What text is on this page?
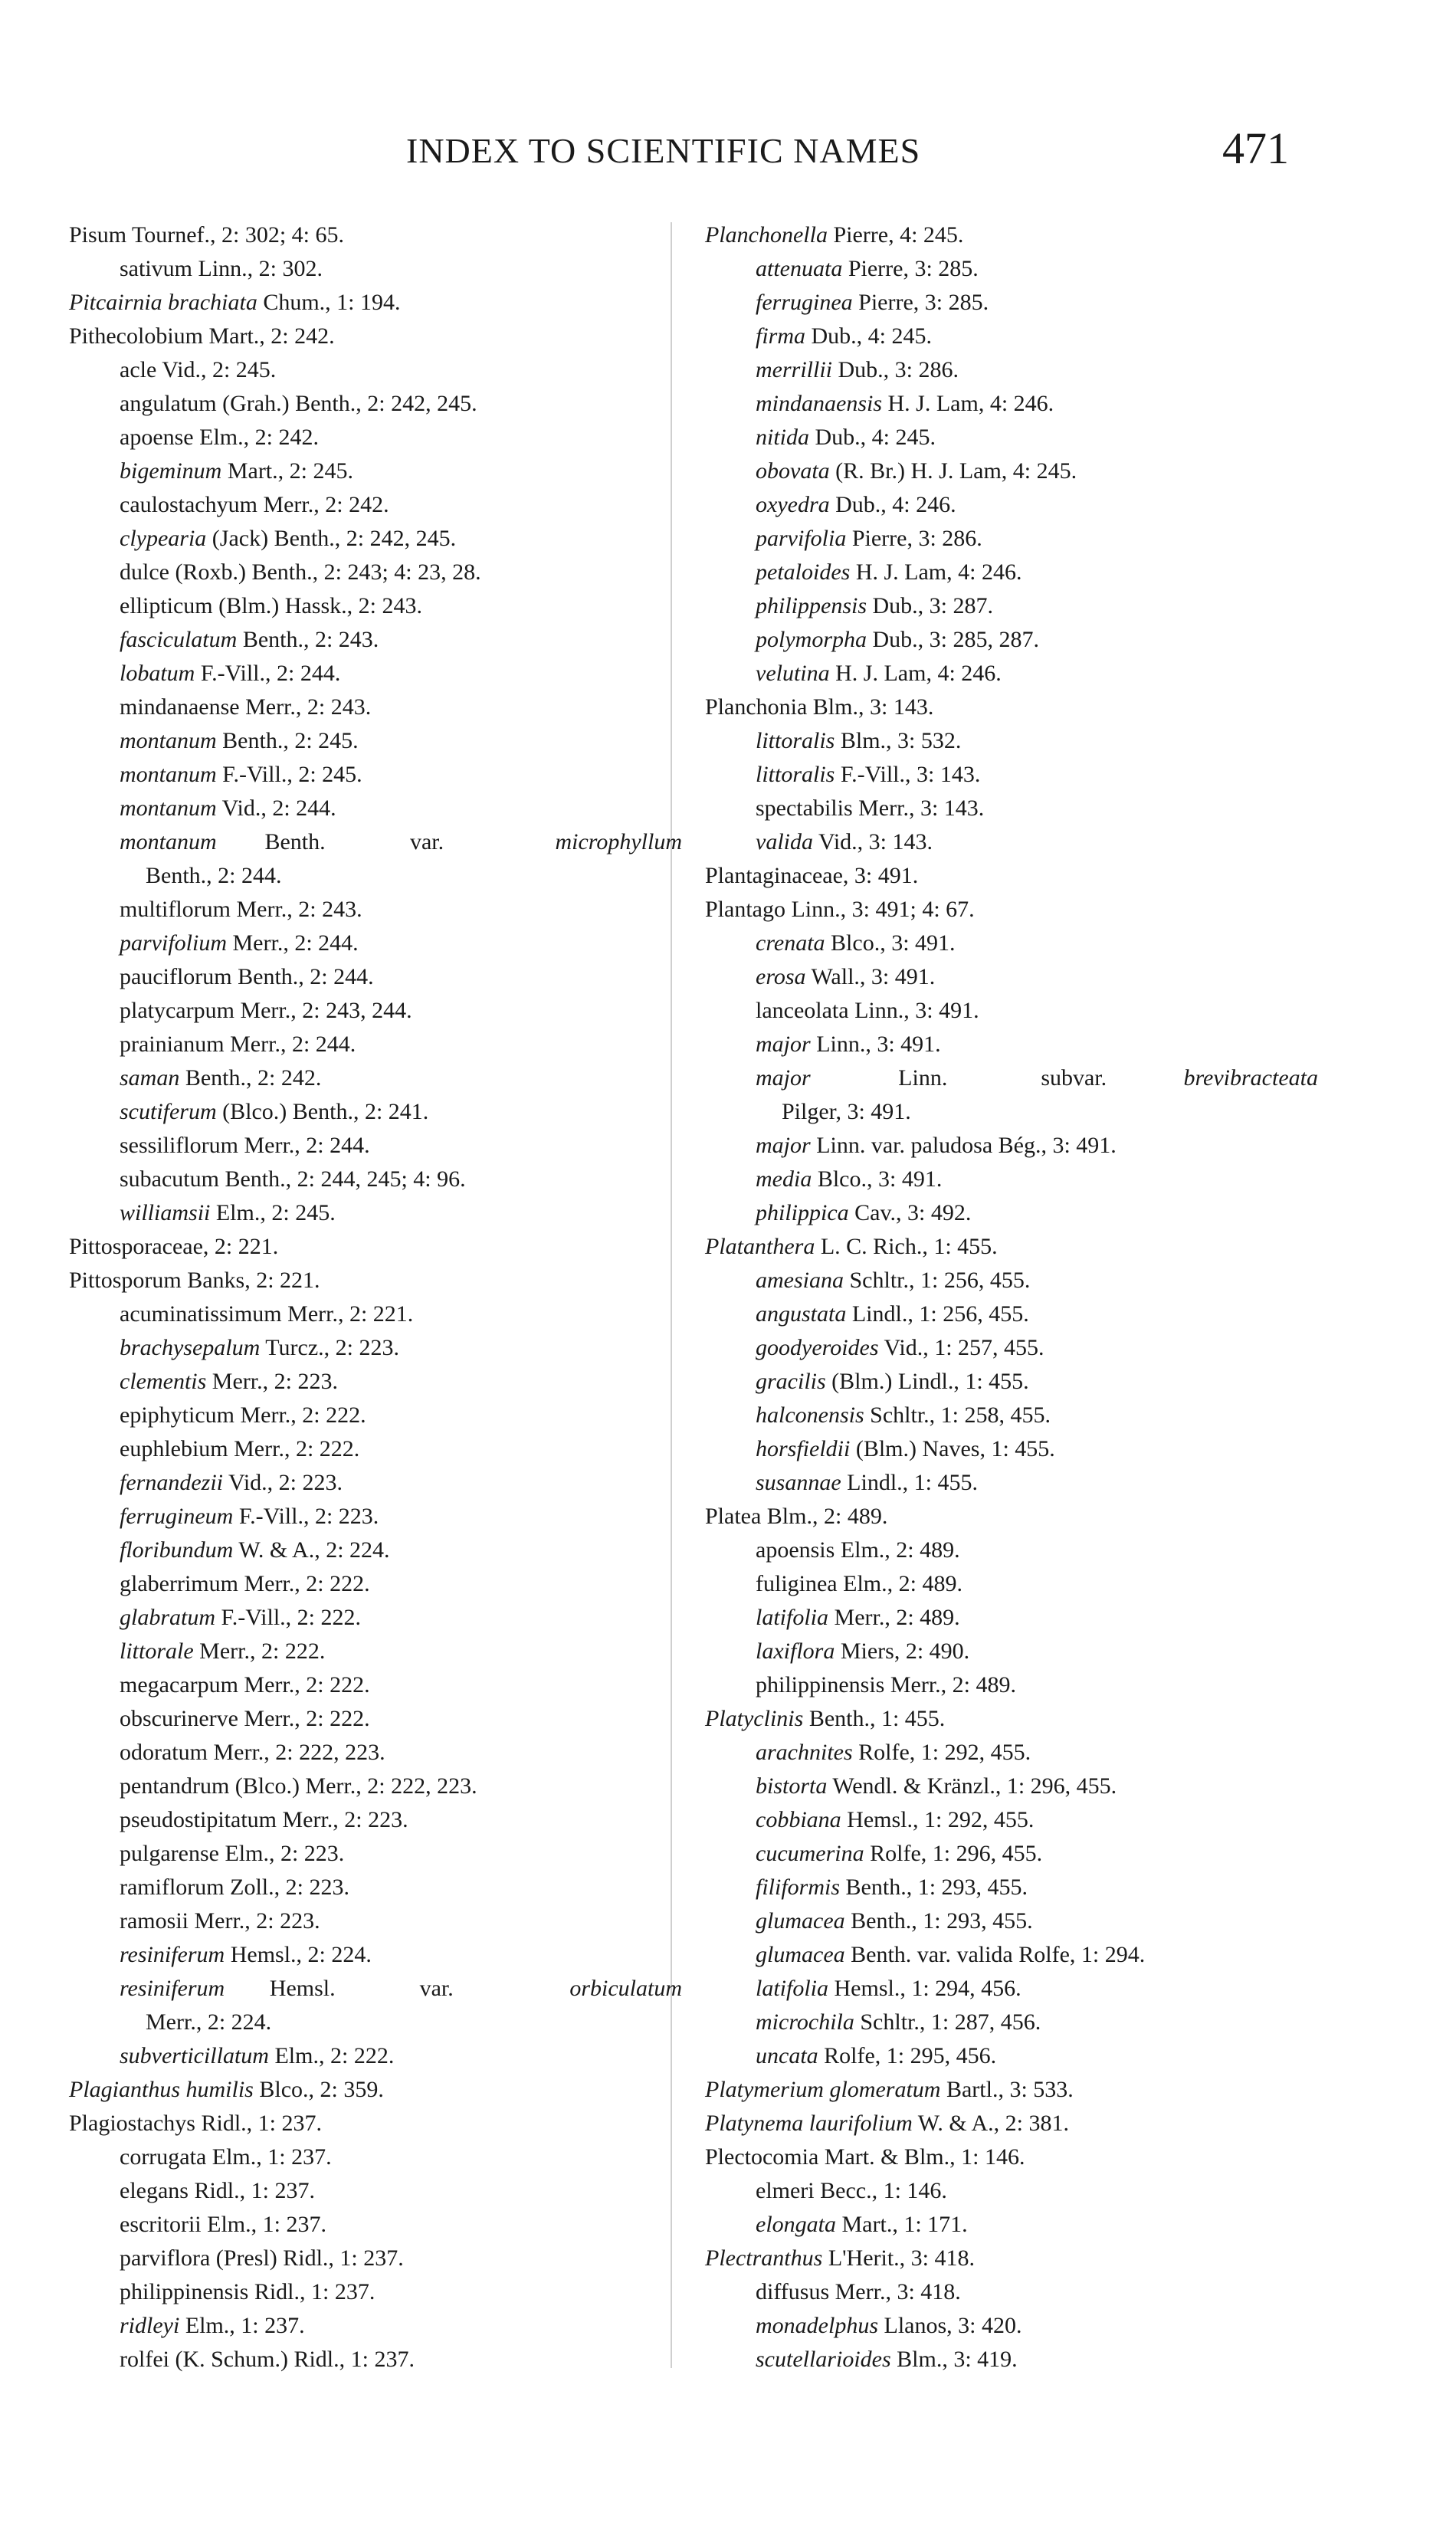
INDEX TO SCIENTIFIC NAMES	471
Pisum Tournef., 2: 302; 4: 65.
sativum Linn., 2: 302.
Pitcairnia brachiata Chum., 1: 194.
Pithecolobium Mart., 2: 242.
acle Vid., 2: 245.
angulatum (Grah.) Benth., 2: 242, 245.
apoense Elm., 2: 242.
bigeminum Mart., 2: 245.
caulostachyum Merr., 2: 242.
clypearia (Jack) Benth., 2: 242, 245.
dulce (Roxb.) Benth., 2: 243; 4: 23, 28.
ellipticum (Blm.) Hassk., 2: 243.
fasciculatum Benth., 2: 243.
lobatum F.-Vill., 2: 244.
mindanaense Merr., 2: 243.
montanum Benth., 2: 245.
montanum F.-Vill., 2: 245.
montanum Vid., 2: 244.
montanum	Benth.	var.	microphyllum
Benth., 2: 244.
multiflorum Merr., 2: 243.
parvifolium Merr., 2: 244.
pauciflorum Benth., 2: 244.
platycarpum Merr., 2: 243, 244.
prainianum Merr., 2: 244.
saman Benth., 2: 242.
scutiferum (Blco.) Benth., 2: 241.
sessiliflorum Merr., 2: 244.
subacutum Benth., 2: 244, 245; 4: 96.
williamsii Elm., 2: 245.
Pittosporaceae, 2: 221.
Pittosporum Banks, 2: 221.
acuminatissimum Merr., 2: 221.
brachysepalum Turcz., 2: 223.
clementis Merr., 2: 223.
epiphyticum Merr., 2: 222.
euphlebium Merr., 2: 222.
fernandezii Vid., 2: 223.
ferrugineum F.-Vill., 2: 223.
floribundum W. & A., 2: 224.
glaberrimum Merr., 2: 222.
glabratum F.-Vill., 2: 222.
littorale Merr., 2: 222.
megacarpum Merr., 2: 222.
obscurinerve Merr., 2: 222.
odoratum Merr., 2: 222, 223.
pentandrum (Blco.) Merr., 2: 222, 223.
pseudostipitatum Merr., 2: 223.
pulgarense Elm., 2: 223.
ramiflorum Zoll., 2: 223.
ramosii Merr., 2: 223.
resiniferum Hemsl., 2: 224.
resiniferum	Hemsl.	var.	orbiculatum
Merr., 2: 224.
subverticillatum Elm., 2: 222.
Plagianthus humilis Blco., 2: 359.
Plagiostachys Ridl., 1: 237.
corrugata Elm., 1: 237.
elegans Ridl., 1: 237.
escritorii Elm., 1: 237.
parviflora (Presl) Ridl., 1: 237.
philippinensis Ridl., 1: 237.
ridleyi Elm., 1: 237.
rolfei (K. Schum.) Ridl., 1: 237.
Planchonella Pierre, 4: 245.
attenuata Pierre, 3: 285.
ferruginea Pierre, 3: 285.
firma Dub., 4: 245.
merrillii Dub., 3: 286.
mindanaensis H. J. Lam, 4: 246.
nitida Dub., 4: 245.
obovata (R. Br.) H. J. Lam, 4: 245.
oxyedra Dub., 4: 246.
parvifolia Pierre, 3: 286.
petaloides H. J. Lam, 4: 246.
philippensis Dub., 3: 287.
polymorpha Dub., 3: 285, 287.
velutina H. J. Lam, 4: 246.
Planchonia Blm., 3: 143.
littoralis Blm., 3: 532.
littoralis F.-Vill., 3: 143.
spectabilis Merr., 3: 143.
valida Vid., 3: 143.
Plantaginaceae, 3: 491.
Plantago Linn., 3: 491; 4: 67.
crenata Blco., 3: 491.
erosa Wall., 3: 491.
lanceolata Linn., 3: 491.
major Linn., 3: 491.
major	Linn.	subvar.	brevibracteata
Pilger, 3: 491.
major Linn. var. paludosa Bég., 3: 491.
media Blco., 3: 491.
philippica Cav., 3: 492.
Platanthera L. C. Rich., 1: 455.
amesiana Schltr., 1: 256, 455.
angustata Lindl., 1: 256, 455.
goodyeroides Vid., 1: 257, 455.
gracilis (Blm.) Lindl., 1: 455.
halconensis Schltr., 1: 258, 455.
horsfieldii (Blm.) Naves, 1: 455.
susannae Lindl., 1: 455.
Platea Blm., 2: 489.
apoensis Elm., 2: 489.
fuliginea Elm., 2: 489.
latifolia Merr., 2: 489.
laxiflora Miers, 2: 490.
philippinensis Merr., 2: 489.
Platyclinis Benth., 1: 455.
arachnites Rolfe, 1: 292, 455.
bistorta Wendl. & Kränzl., 1: 296, 455.
cobbiana Hemsl., 1: 292, 455.
cucumerina Rolfe, 1: 296, 455.
filiformis Benth., 1: 293, 455.
glumacea Benth., 1: 293, 455.
glumacea Benth. var. valida Rolfe, 1: 294.
latifolia Hemsl., 1: 294, 456.
microchila Schltr., 1: 287, 456.
uncata Rolfe, 1: 295, 456.
Platymerium glomeratum Bartl., 3: 533.
Platynema laurifolium W. & A., 2: 381.
Plectocomia Mart. & Blm., 1: 146.
elmeri Becc., 1: 146.
elongata Mart., 1: 171.
Plectranthus L'Herit., 3: 418.
diffusus Merr., 3: 418.
monadelphus Llanos, 3: 420.
scutellarioides Blm., 3: 419.
